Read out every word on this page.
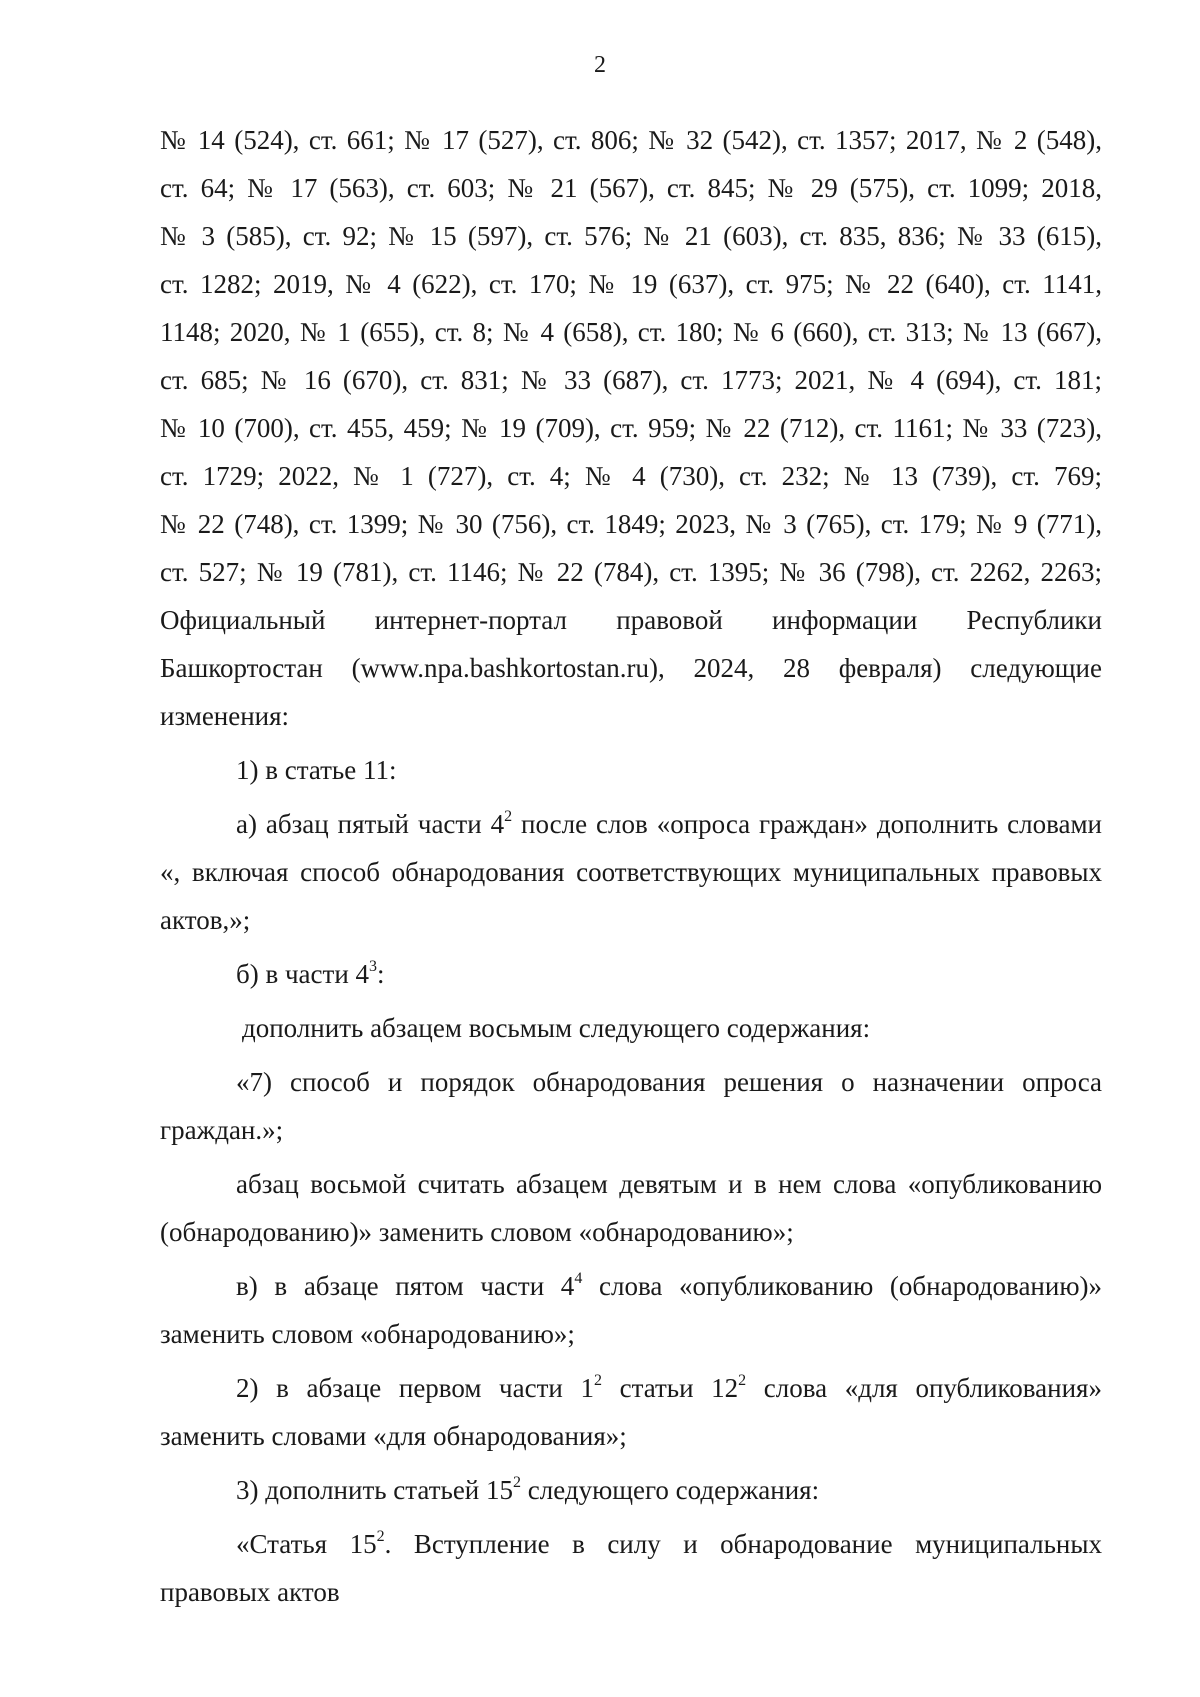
2

№ 14 (524), ст. 661; № 17 (527), ст. 806; № 32 (542), ст. 1357; 2017, № 2 (548),

ст. 64; № 17 (563), ст. 603; № 21 (567), ст. 845; № 29 (575), ст. 1099; 2018,

№ 3 (585), ст. 92; № 15 (597), ст. 576; № 21 (603), ст. 835, 836; № 33 (615),

ст. 1282; 2019, № 4 (622), ст. 170; № 19 (637), ст. 975; № 22 (640), ст. 1141,

1148; 2020, № 1 (655), ст. 8; № 4 (658), ст. 180; № 6 (660), ст. 313; № 13 (667),

ст. 685; № 16 (670), ст. 831; № 33 (687), ст. 1773; 2021, № 4 (694), ст. 181;

№ 10 (700), ст. 455, 459; № 19 (709), ст. 959; № 22 (712), ст. 1161; № 33 (723),

ст. 1729; 2022, № 1 (727), ст. 4; № 4 (730), ст. 232; № 13 (739), ст. 769;

№ 22 (748), ст. 1399; № 30 (756), ст. 1849; 2023, № 3 (765), ст. 179; № 9 (771),

ст. 527; № 19 (781), ст. 1146; № 22 (784), ст. 1395; № 36 (798), ст. 2262, 2263;

Официальный интернет-портал правовой информации Республики

Башкортостан (www.npa.bashkortostan.ru), 2024, 28 февраля) следующие

изменения:

1) в статье 11:

а) абзац пятый части $4^2$ после слов «опроса граждан» дополнить словами «, включая способ обнародования соответствующих муниципальных правовых актов,»;

б) в части $4^3$:

дополнить абзацем восьмым следующего содержания:

«7) способ и порядок обнародования решения о назначении опроса граждан.»;

абзац восьмой считать абзацем девятым и в нем слова «опубликованию (обнародованию)» заменить словом «обнародованию»;

в) в абзаце пятом части $4^4$ слова «опубликованию (обнародованию)» заменить словом «обнародованию»;

2) в абзаце первом части $1^2$ статьи $12^2$ слова «для опубликования» заменить словами «для обнародования»;

3) дополнить статьей $15^2$ следующего содержания:

«Статья $15^2$. Вступление в силу и обнародование муниципальных правовых актов
